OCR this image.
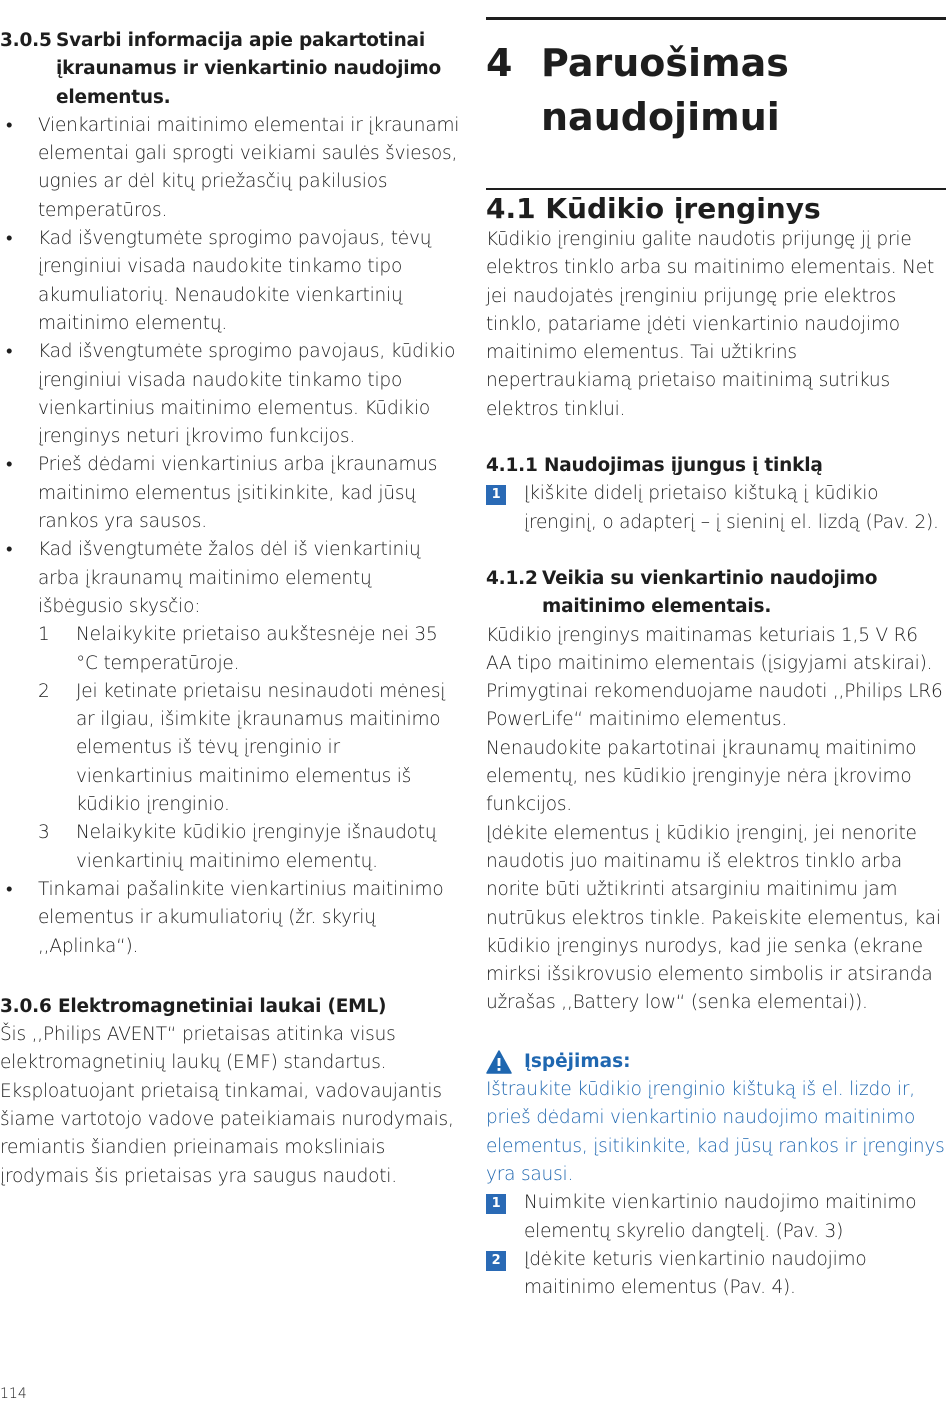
3.0.5 Svarbi informacija apie pakartotinai
įkraunamus ir vienkartinio naudojimo elementus.
• Vienkartiniai maitinimo elementai ir įkraunami elementai gali sprogti veikiami saulės šviesos, ugnies ar dėl kitų priežasčių pakilusios temperatūros.
• Kad išvengtumėte sprogimo pavojaus, tėvų įrenginiui visada naudokite tinkamo tipo akumuliatorių. Nenaudokite vienkartinių maitinimo elementų.
• Kad išvengtumėte sprogimo pavojaus, kūdikio įrenginiui visada naudokite tinkamo tipo vienkartinius maitinimo elementus. Kūdikio įrenginys neturi įkrovimo funkcijos.
• Prieš dėdami vienkartinius arba įkraunamus maitinimo elementus įsitikinkite, kad jūsų rankos yra sausos.
• Kad išvengtumėte žalos dėl iš vienkartinių arba įkraunamų maitinimo elementų išbėgusio skysčio:
1 Nelaikykite prietaiso aukštesnėje nei 35 °C temperatūroje.
2 Jei ketinate prietaisu nesinaudoti mėnesį ar ilgiau, išimkite įkraunamus maitinimo elementus iš tėvų įrenginio ir vienkartinius maitinimo elementus iš kūdikio įrenginio.
3 Nelaikykite kūdikio įrenginyje išnaudotų vienkartinių maitinimo elementų.
• Tinkamai pašalinkite vienkartinius maitinimo elementus ir akumuliatorių (žr. skyrių ,,Aplinka“).
3.0.6 Elektromagnetiniai laukai (EML)
Šis ,,Philips AVENT“ prietaisas atitinka visus elektromagnetinių laukų (EMF) standartus. Eksploatuojant prietaisą tinkamai, vadovaujantis šiame vartotojo vadove pateikiamais nurodymais, remiantis šiandien prieinamais moksliniais įrodymais šis prietaisas yra saugus naudoti.
4 Paruošimas naudojimui
4.1 Kūdikio įrenginys
Kūdikio įrenginiu galite naudotis prijungę jį prie elektros tinklo arba su maitinimo elementais. Net jei naudojatės įrenginiu prijungę prie elektros tinklo, patariame įdėti vienkartinio naudojimo maitinimo elementus. Tai užtikrins nepertraukiamą prietaiso maitinimą sutrikus elektros tinklui.
4.1.1 Naudojimas įjungus į tinklą
1	Įkiškite didelį prietaiso kištuką į kūdikio įrenginį, o adapterį – į sieninį el. lizdą (Pav. 2).
4.1.2 Veikia su vienkartinio naudojimo
maitinimo elementais.
Kūdikio įrenginys maitinamas keturiais 1,5 V R6 AA tipo maitinimo elementais (įsigyjami atskirai). Primygtinai rekomenduojame naudoti ,,Philips LR6 PowerLife“ maitinimo elementus.
Nenaudokite pakartotinai įkraunamų maitinimo elementų, nes kūdikio įrenginyje nėra įkrovimo funkcijos.
Įdėkite elementus į kūdikio įrenginį, jei nenorite naudotis juo maitinamu iš elektros tinklo arba norite būti užtikrinti atsarginiu maitinimu jam nutrūkus elektros tinkle. Pakeiskite elementus, kai kūdikio įrenginys nurodys, kad jie senka (ekrane mirksi išsikrovusio elemento simbolis ir atsiranda užrašas ,,Battery low“ (senka elementai)).
Įspėjimas:
Ištraukite kūdikio įrenginio kištuką iš el. lizdo ir, prieš dėdami vienkartinio naudojimo maitinimo elementus, įsitikinkite, kad jūsų rankos ir įrenginys yra sausi.
1	Nuimkite vienkartinio naudojimo maitinimo elementų skyrelio dangtelį. (Pav. 3)
2	Įdėkite keturis vienkartinio naudojimo maitinimo elementus (Pav. 4).
114
